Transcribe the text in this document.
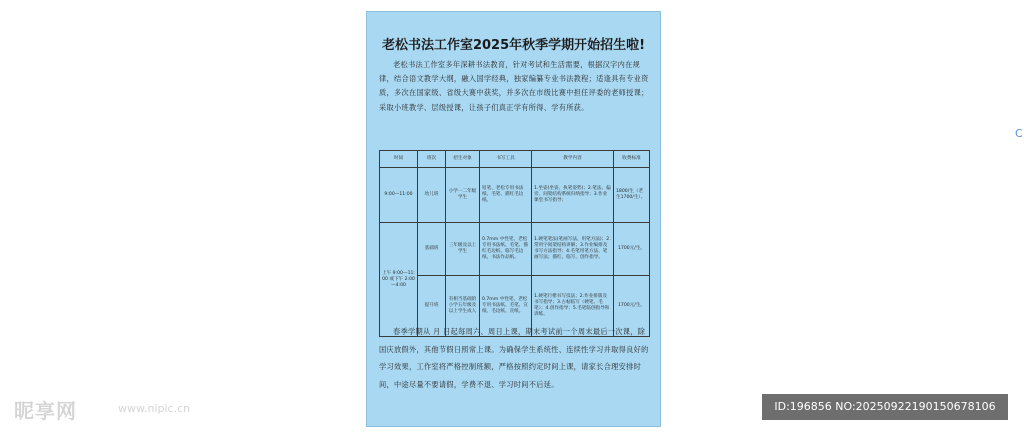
老松书法工作室2025年秋季学期开始招生啦!

老松书法工作室多年深耕书法教育，针对考试和生活需要，根据汉字内在规律，结合语文教学大纲，融入国学经典，独家编纂专业书法教程；适逢具有专业资质，多次在国家级、省级大赛中获奖，并多次在市级比赛中担任评委的老师授课；采取小班教学、层级授课，让孩子们真正学有所得、学有所获。

时间	班次	招生对象	书写工具	教学内容	收费标准
9:00—11:00	幼儿班	小学一二年级学生	铅笔、老松专用书法纸、毛笔、描红毛边纸。	1.坐姿(坐姿、执笔姿势)；2.笔法、偏旁、间架结构系统归纳指导；3.作业课堂书写指导；	1800/生（老生1700/生）。
上午 9:00—11:00 或下午 2:00—4:00	基础班	三年级及以上学生	0.7mm 中性笔、老松专用书法纸、毛笔、描红毛边纸、临写毛边纸、书法作品纸。	1.硬笔笔法(笔画写法、用笔方法)；2.常用字间架结构讲解；3.作业编排及书写方法指导；4.毛笔用笔方法、笔画写法；描红、临写、创作指导。	1700元/生。
	提升班	有相当基础的小学五年级及以上学生成人	0.7mm 中性笔、老松专用书法纸、毛笔、宣纸、毛边纸、宣纸。	1.硬笔行楷书写技法；2.作业排版及书写指导；3.古帖临写（硬笔、毛笔）；4.创作指导；5.毛笔临创指导和训练。	1700元/生。

春季学期从 月 日起每周六、周日上课，期末考试前一个周末最后一次课，除国庆放假外，其他节假日照常上课。为确保学生系统性、连续性学习并取得良好的学习效果，工作室将严格控制班额，严格按照约定时间上课，请家长合理安排时间，中途尽量不要请假，学费不退、学习时间不后延。

昵享网	www.nipic.cn	ID:196856 NO:20250922190150678106
C
